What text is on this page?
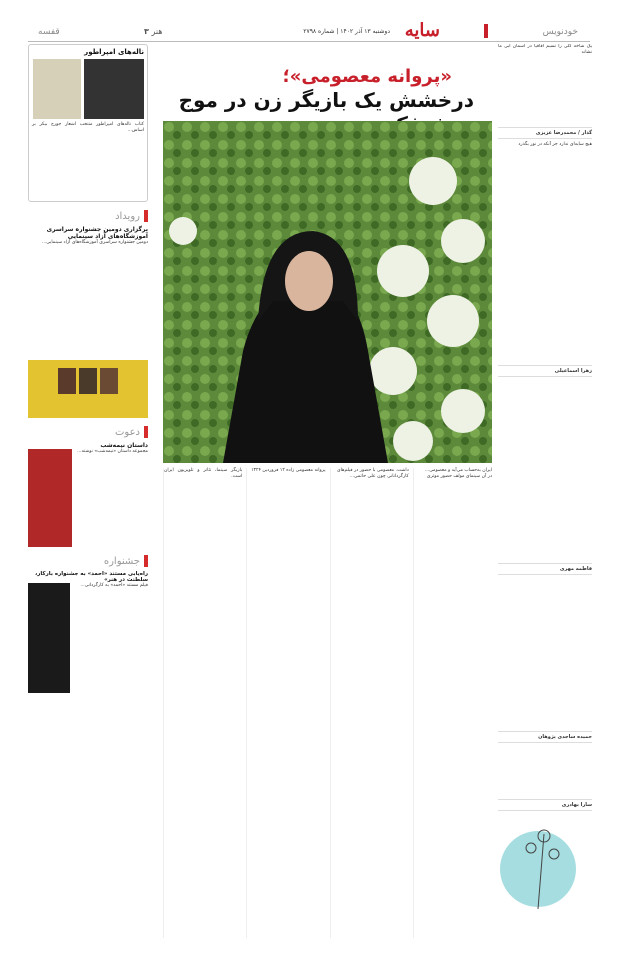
قفسه	هنر ۳	دوشنبه ۱۳ آذر ۱۴۰۲ | شماره ۲۷۹۸ سایه	خودنویس
یک شاخه گلی را نسیم اقاقیا در آسمان آبی ما نشاند
گذار / محمدرضا عزیزی
هیچ سایه‌ای ندارد جز آنکه در نور بگذرد
زهرا اسماعیلی
فاطمه مهری
حمیده ساجدی‌ پژوهان
سارا بهادری
«پروانه معصومی»؛
درخشش یک بازیگر زن در موج

ایران به‌حساب می‌آید و معصومی...

در آن سینمای مولف حضور موثری

داشت. معصومی با حضور در فیلم‌های

کارگردانانی چون علی حاتمی...

پروانه معصومی زاده ۱۲ فروردین ۱۳۲۴

بازیگر سینما، تئاتر و تلویزیون ایران است.

ناله‌های امپراطور
کتاب ناله‌های امپراطور منتخب اشعار جورج بیکر بر اساس...
رویداد
برگزاری دومین جشنواره سراسری آموزشگاه‌های آزاد سینمایی
دومین جشنواره سراسری آموزشگاه‌های آزاد سینمایی...
دعوت
داستان نیمه‌شب
مجموعه داستان «نیمه‌شب» نوشته...
جشنواره
راه‌یابی مستند «احمد» به جشنواره بارکار، سلطنت در هنر»
فیلم مستند «احمد» به کارگردانی...
